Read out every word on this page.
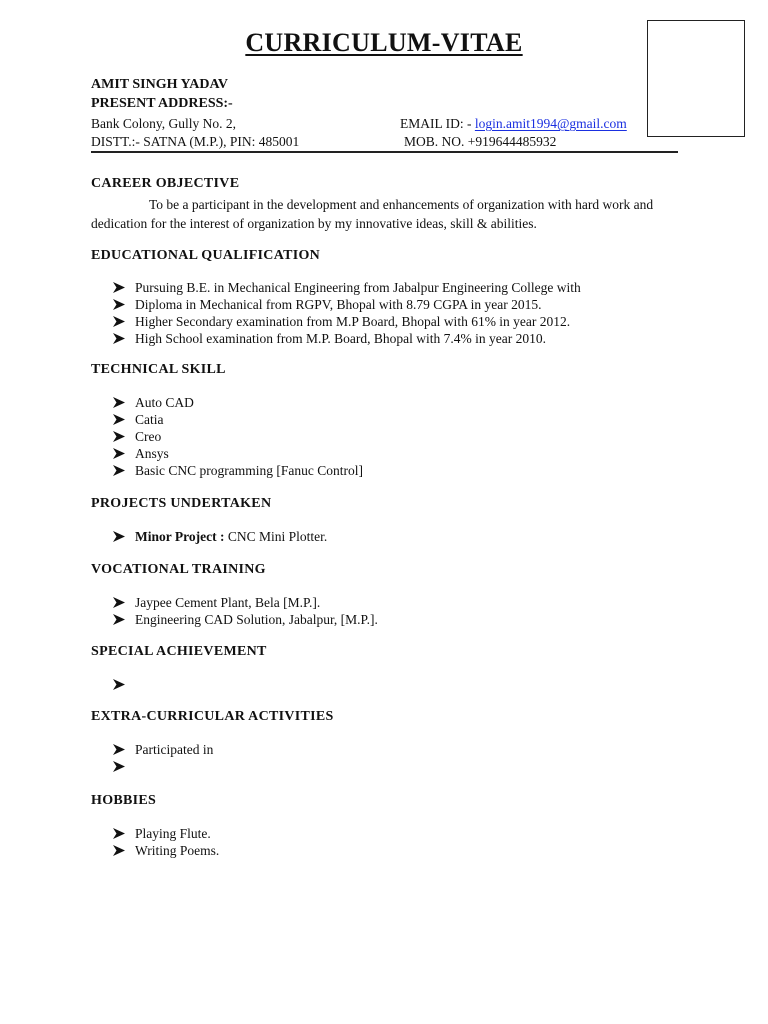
CURRICULUM-VITAE
AMIT SINGH YADAV
PRESENT ADDRESS:-
Bank Colony, Gully No. 2,
DISTT.:- SATNA (M.P.), PIN: 485001
EMAIL ID: - login.amit1994@gmail.com
MOB. NO. +919644485932
CAREER OBJECTIVE
To be a participant in the development and enhancements of organization with hard work and dedication for the interest of organization by my innovative ideas, skill & abilities.
EDUCATIONAL QUALIFICATION
Pursuing B.E. in Mechanical Engineering from Jabalpur Engineering College with
Diploma in Mechanical from RGPV, Bhopal with 8.79 CGPA in year 2015.
Higher Secondary examination from M.P Board, Bhopal with 61% in year 2012.
High School examination from M.P. Board, Bhopal with 7.4% in year 2010.
TECHNICAL SKILL
Auto CAD
Catia
Creo
Ansys
Basic CNC programming [Fanuc Control]
PROJECTS UNDERTAKEN
Minor Project : CNC Mini Plotter.
VOCATIONAL TRAINING
Jaypee Cement Plant, Bela [M.P.].
Engineering CAD Solution, Jabalpur, [M.P.].
SPECIAL ACHIEVEMENT
EXTRA-CURRICULAR ACTIVITIES
Participated in
HOBBIES
Playing Flute.
Writing Poems.
